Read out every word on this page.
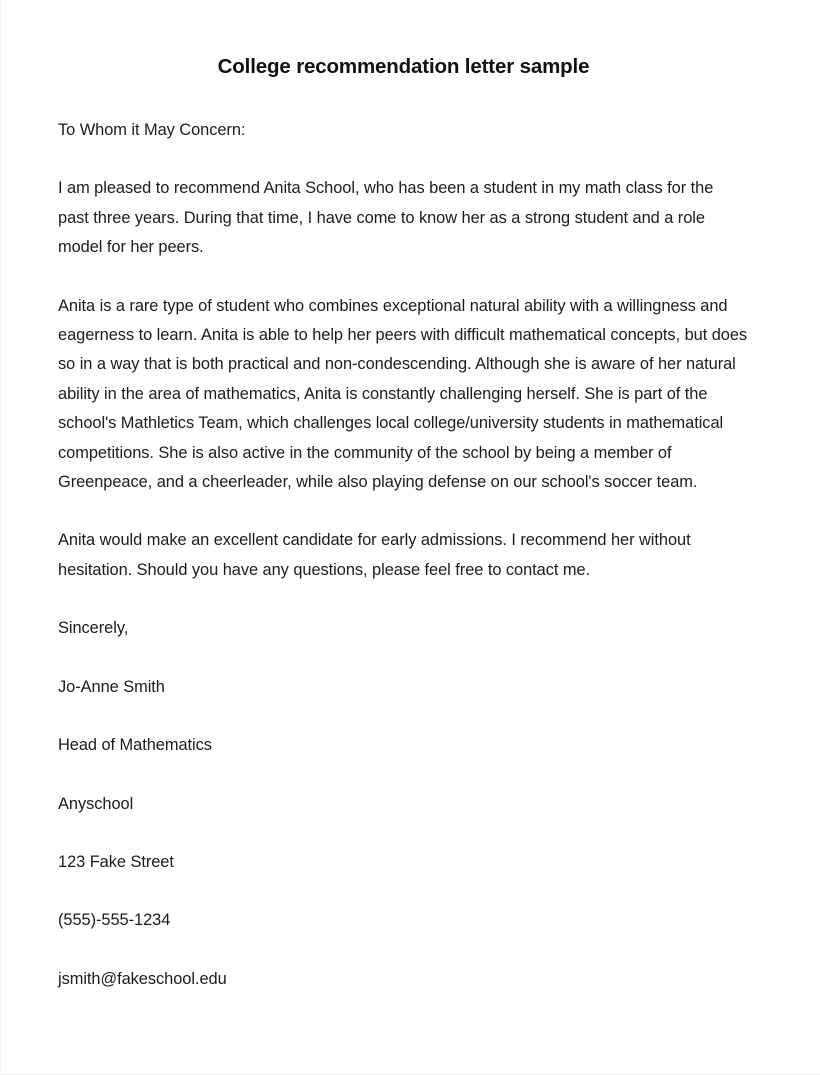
College recommendation letter sample

To Whom it May Concern:

I am pleased to recommend Anita School, who has been a student in my math class for the past three years. During that time, I have come to know her as a strong student and a role model for her peers.

Anita is a rare type of student who combines exceptional natural ability with a willingness and eagerness to learn. Anita is able to help her peers with difficult mathematical concepts, but does so in a way that is both practical and non-condescending. Although she is aware of her natural ability in the area of mathematics, Anita is constantly challenging herself. She is part of the school's Mathletics Team, which challenges local college/university students in mathematical competitions. She is also active in the community of the school by being a member of Greenpeace, and a cheerleader, while also playing defense on our school's soccer team.

Anita would make an excellent candidate for early admissions. I recommend her without hesitation. Should you have any questions, please feel free to contact me.

Sincerely,

Jo-Anne Smith

Head of Mathematics

Anyschool

123 Fake Street

(555)-555-1234

jsmith@fakeschool.edu
